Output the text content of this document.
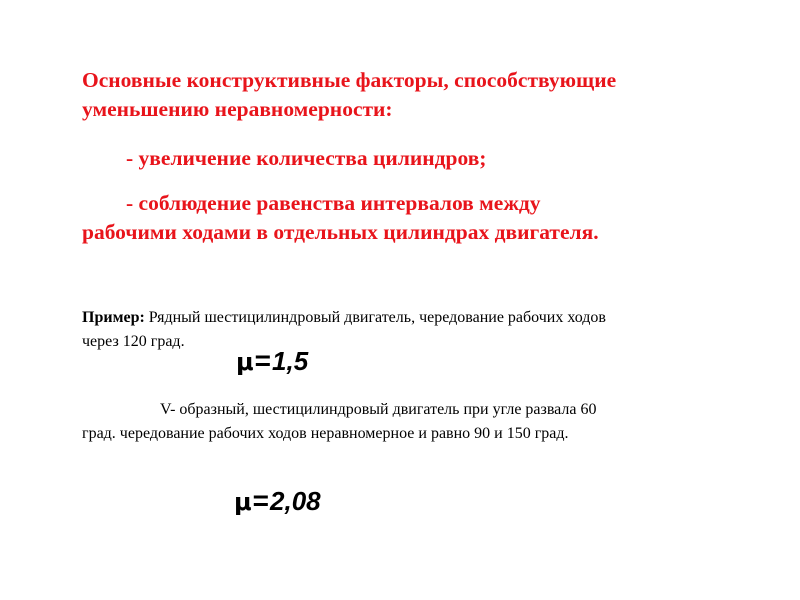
Основные конструктивные факторы, способствующие
уменьшению неравномерности:
- увеличение количества цилиндров;
- соблюдение равенства интервалов между
рабочими ходами в отдельных цилиндрах двигателя.
Пример: Рядный шестицилиндровый двигатель, чередование рабочих ходов
через 120 град.
μ=1,5
V- образный, шестицилиндровый двигатель при угле развала 60
град. чередование рабочих ходов неравномерное и равно 90 и 150 град.
μ=2,08
